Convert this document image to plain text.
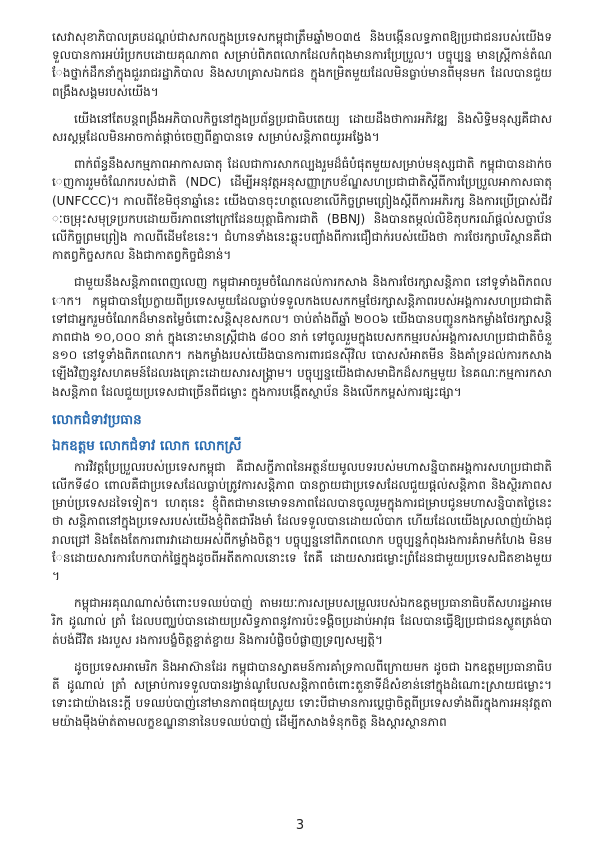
សេវាសុខាភិបាលគ្របដណ្ដប់ជាសកលក្នុងប្រទេសកម្ពុជាត្រឹមឆ្នាំ២០៣៥ និងបង្កើនលទ្ធភាពឱ្យប្រជាជនរបស់យើងទទួលបានការអប់រំប្រកបដោយគុណភាព សម្រាប់ពិភពលោកដែលកំពុងមានការប្រែប្រួល។ បច្ចុប្បន្ន មានស្ត្រីកាន់តំណែងថ្នាក់ដឹកនាំក្នុងជួររាជរដ្ឋាភិបាល និងសហគ្រាសឯកជន ក្នុងកម្រិតមួយដែលមិនធ្លាប់មានពីមុនមក ដែលបានជួយពង្រឹងសង្គមរបស់យើង។

យើងនៅតែបន្តពង្រឹងអភិបាលកិច្ចនៅក្នុងប្រព័ន្ធប្រជាធិបតេយ្យ ដោយដឹងថាការអភិវឌ្ឍ និងសិទ្ធិមនុស្សគឺជាសសរស្តម្ភដែលមិនអាចកាត់ផ្ដាច់ចេញពីគ្នាបានទេ សម្រាប់សន្តិភាពយូរអង្វែង។

ពាក់ព័ន្ធនឹងសកម្មភាពអាកាសធាតុ ដែលជាការសាកល្បងរួមដ៏ធំបំផុតមួយសម្រាប់មនុស្សជាតិ កម្ពុជាបានដាក់ចេញការរួមចំណែករបស់ជាតិ (NDC) ដើម្បីអនុវត្តអនុសញ្ញាក្របខ័ណ្ឌសហប្រជាជាតិស្តីពីការប្រែប្រួលអាកាសធាតុ (UNFCCC)។ កាលពីខែមិថុនាឆ្នាំនេះ យើងបានចុះហត្ថលេខាលើកិច្ចព្រមព្រៀងស្តីពីការអភិរក្ស និងការប្រើប្រាស់ជីវៈចម្រុះសមុទ្រប្រកបដោយចីរភាពនៅក្រៅដែនយុត្តាធិការជាតិ (BBNJ) និងបានតម្កល់លិខិតុបករណ៍ផ្តល់សច្ចាប័នលើកិច្ចព្រមព្រៀង កាលពីដើមខែនេះ។ ជំហានទាំងនេះឆ្លុះបញ្ចាំងពីការជឿជាក់របស់យើងថា ការថែរក្សាបរិស្ថានគឺជាកាតព្វកិច្ចសកល និងជាកាតព្វកិច្ចជំនាន់។

ជាមួយនឹងសន្តិភាពពេញលេញ កម្ពុជាអាចរួមចំណែកដល់ការកសាង និងការថែរក្សាសន្តិភាព នៅទូទាំងពិភពលោក។ កម្ពុជាបានប្រែក្លាយពីប្រទេសមួយដែលធ្លាប់ទទួលកងបេសកកម្មថែរក្សាសន្តិភាពរបស់អង្គការសហប្រជាជាតិ ទៅជាអ្នករួមចំណែកដ៏មានតម្លៃចំពោះសន្តិសុខសកល។ ចាប់តាំងពីឆ្នាំ ២០០៦ យើងបានបញ្ជូនកងកម្លាំងថែរក្សាសន្តិភាពជាង ១០,០០០ នាក់ ក្នុងនោះមានស្ត្រីជាង ៨០០ នាក់ ទៅចូលរួមក្នុងបេសកកម្មរបស់អង្គការសហប្រជាជាតិចំនួន១០ នៅទូទាំងពិភពលោក។ កងកម្លាំងរបស់យើងបានការពារជនស៊ីវិល បោសសំអាតមីន និងគាំទ្រដល់ការកសាងឡើងវិញនូវសហគមន៍ដែលរងគ្រោះដោយសារសង្គ្រាម។ បច្ចុប្បន្នយើងជាសមាជិកដ៏សកម្មមួយ នៃគណៈកម្មការកសាងសន្តិភាព ដែលជួយប្រទេសជាច្រើនពីជម្លោះ ក្នុងការបង្កើតស្ថាប័ន និងលើកកម្ពស់ការផ្សះផ្សា។

លោកជំទាវប្រធាន
ឯកឧត្តម លោកជំទាវ លោក លោកស្រី

ការវិវត្តប្រែប្រួលរបស់ប្រទេសកម្ពុជា គឺជាសក្ខីភាពនៃអត្ថន័យមូលបទរបស់មហាសន្និបាតអង្គការសហប្រជាជាតិលើកទី៨០ ពោលគឺជាប្រទេសដែលធ្លាប់ត្រូវការសន្តិភាព បានក្លាយជាប្រទេសដែលជួយផ្តល់សន្តិភាព និងស្ថិរភាពសម្រាប់ប្រទេសដទៃទៀត។ ហេតុនេះ ខ្ញុំពិតជាមានមោទនភាពដែលបានចូលរួមក្នុងការជម្រាបជូនមហាសន្និបាតថ្ងៃនេះថា សន្តិភាពនៅក្នុងប្រទេសរបស់យើងខ្ញុំពិតជារឹងមាំ ដែលទទួលបានដោយលំបាក ហើយដែលយើងស្រលាញ់យ៉ាងជ្រាលជ្រៅ និងតែងតែការពារវាដោយអស់ពីកម្លាំងចិត្ត។ បច្ចុប្បន្ននៅពិភពលោក បច្ចុប្បន្នកំពុងរងការគំរាមកំហែង មិនមែនដោយសារការបែកបាក់ផ្ទៃក្នុងដូចពីអតីតកាលនោះទេ តែគឺ ដោយសារជម្លោះព្រំដែនជាមួយប្រទេសជិតខាងមួយ។

កម្ពុជាអរគុណណាស់ចំពោះបទឈប់បាញ់ តាមរយៈការសម្របសម្រួលរបស់ឯកឧត្តមប្រធានាធិបតីសហរដ្ឋអាមេរិក ដូណាល់ ត្រាំ ដែលបញ្ឈប់បានដោយប្រសិទ្ធភាពនូវការប៉ះទង្គិចប្រដាប់អាវុធ ដែលបានធ្វើឱ្យប្រជាជនស្លូតត្រង់បាត់បង់ជីវិត រងរបួស រងការបង្ខំចិត្តខ្ចាត់ខ្ចាយ និងការបំផ្លិចបំផ្លាញទ្រព្យសម្បត្តិ។

ដូចប្រទេសអាមេរិក និងអាស៊ានដែរ កម្ពុជាបានស្វាគមន៍ការគាំទ្រកាលពីក្រោយមក ដូចជា ឯកឧត្តមប្រធានាធិបតី ដូណាល់ ត្រាំ សម្រាប់ការទទួលបានរង្វាន់ណូបែលសន្តិភាពចំពោះតួនាទីដ៏សំខាន់នៅក្នុងដំណោះស្រាយជម្លោះ។ ទោះជាយ៉ាងនេះក្តី បទឈប់បាញ់នៅមានភាពផុយស្រួយ ទោះបីជាមានការប្តេជ្ញាចិត្តពីប្រទេសទាំងពីរក្នុងការអនុវត្តតាមយ៉ាងម៉ឺងម៉ាត់តាមលក្ខខណ្ឌនានានៃបទឈប់បាញ់ ដើម្បីកសាងទំនុកចិត្ត និងស្តារស្ថានភាព

3
